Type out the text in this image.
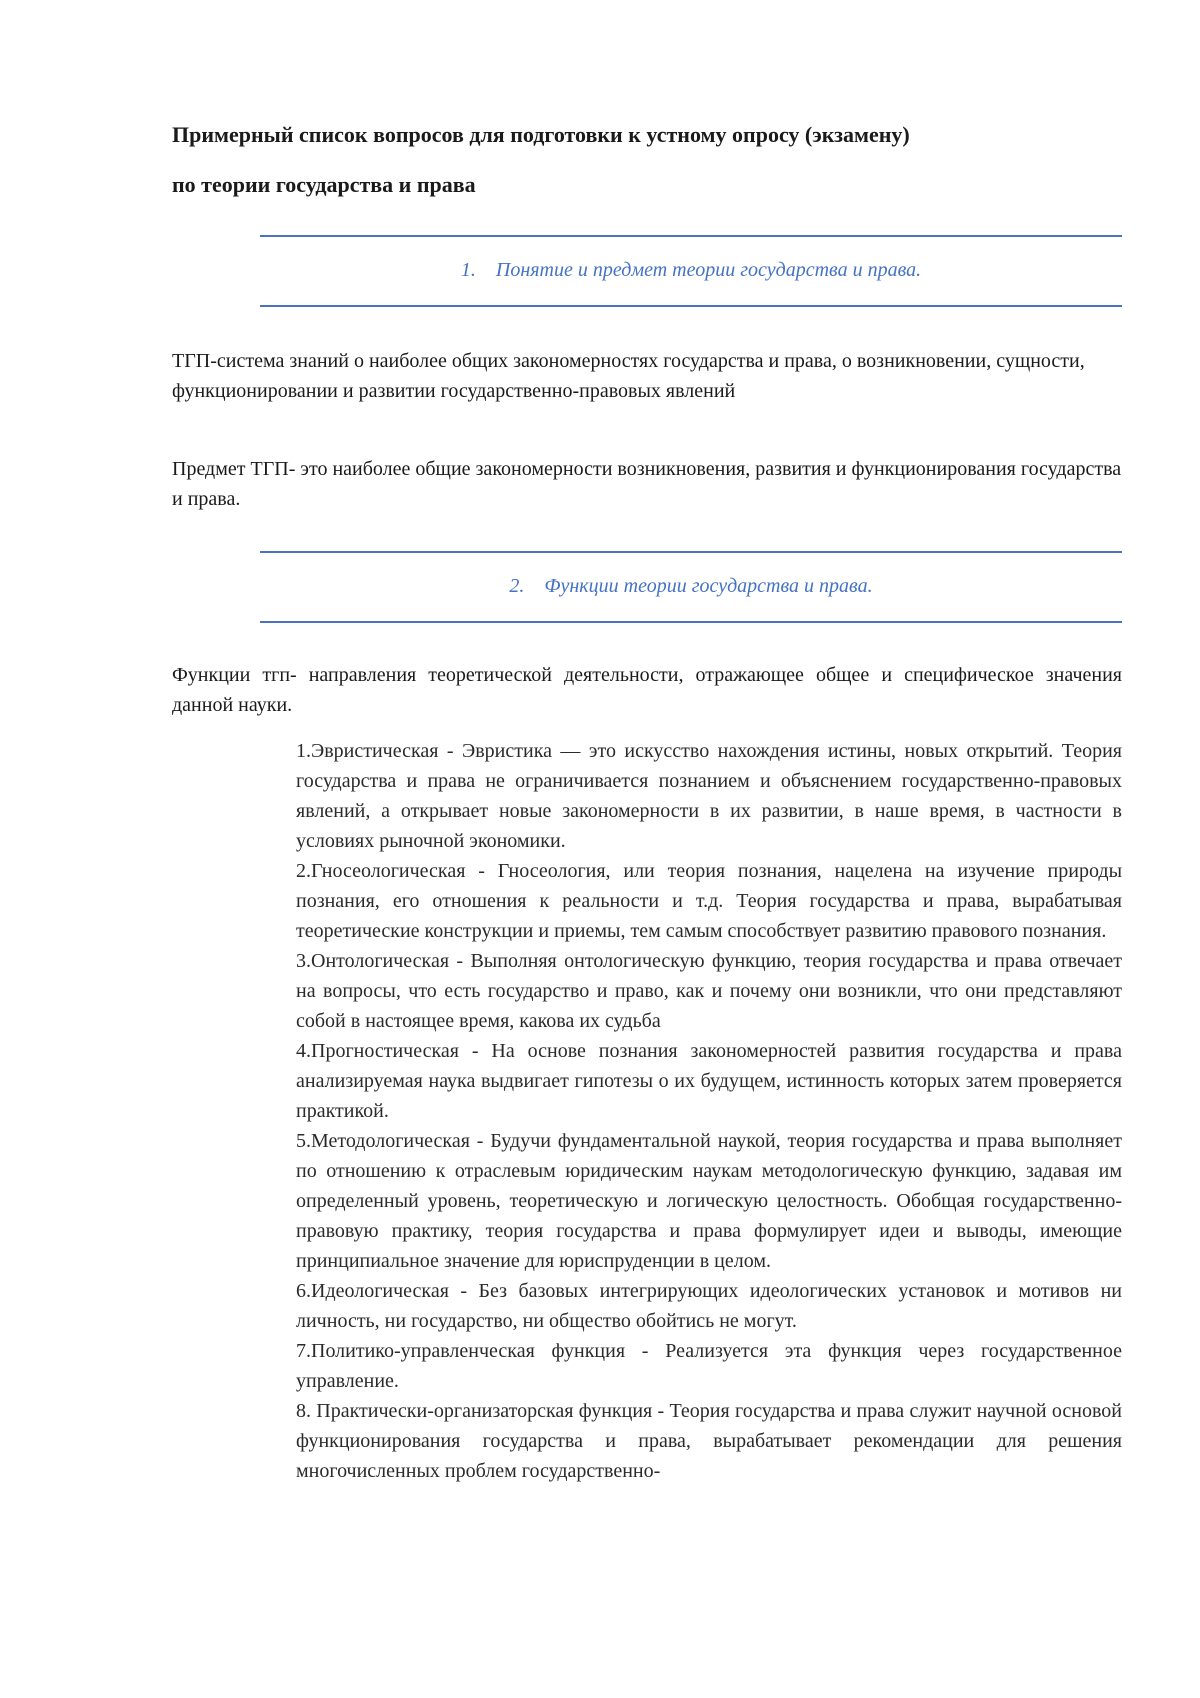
Примерный список вопросов для подготовки к устному опросу (экзамену)
по теории государства и права
1. Понятие и предмет теории государства и права.
ТГП-система знаний о наиболее общих закономерностях государства и права, о возникновении, сущности, функционировании и развитии государственно-правовых явлений
Предмет ТГП- это наиболее общие закономерности возникновения, развития и функционирования государства и права.
2. Функции теории государства и права.
Функции тгп- направления теоретической деятельности, отражающее общее и специфическое значения данной науки.

1.Эвристическая - Эвристика — это искусство нахождения истины, новых открытий. Теория государства и права не ограничивается познанием и объяснением государственно-правовых явлений, а открывает новые закономерности в их развитии, в наше время, в частности в условиях рыночной экономики.

2.Гносеологическая - Гносеология, или теория познания, нацелена на изучение природы познания, его отношения к реальности и т.д. Теория государства и права, вырабатывая теоретические конструкции и приемы, тем самым способствует развитию правового познания.

3.Онтологическая - Выполняя онтологическую функцию, теория государства и права отвечает на вопросы, что есть государство и право, как и почему они возникли, что они представляют собой в настоящее время, какова их судьба

4.Прогностическая - На основе познания закономерностей развития государства и права анализируемая наука выдвигает гипотезы о их будущем, истинность которых затем проверяется практикой.

5.Методологическая - Будучи фундаментальной наукой, теория государства и права выполняет по отношению к отраслевым юридическим наукам методологическую функцию, задавая им определенный уровень, теоретическую и логическую целостность. Обобщая государственно-правовую практику, теория государства и права формулирует идеи и выводы, имеющие принципиальное значение для юриспруденции в целом.

6.Идеологическая - Без базовых интегрирующих идеологических установок и мотивов ни личность, ни государство, ни общество обойтись не могут.

7.Политико-управленческая функция - Реализуется эта функция через государственное управление.

8. Практически-организаторская функция - Теория государства и права служит научной основой функционирования государства и права, вырабатывает рекомендации для решения многочисленных проблем государственно-
